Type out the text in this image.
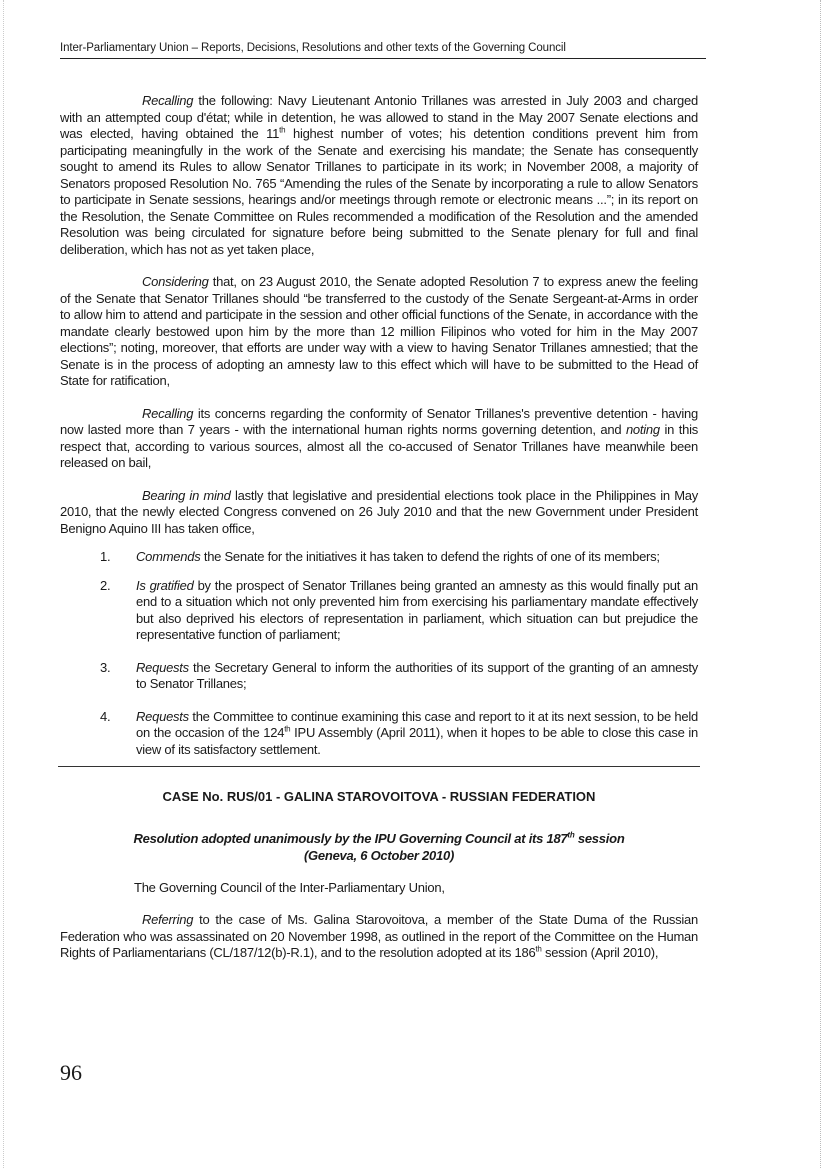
Inter-Parliamentary Union – Reports, Decisions, Resolutions and other texts of the Governing Council

Recalling the following: Navy Lieutenant Antonio Trillanes was arrested in July 2003 and charged with an attempted coup d'état; while in detention, he was allowed to stand in the May 2007 Senate elections and was elected, having obtained the 11th highest number of votes; his detention conditions prevent him from participating meaningfully in the work of the Senate and exercising his mandate; the Senate has consequently sought to amend its Rules to allow Senator Trillanes to participate in its work; in November 2008, a majority of Senators proposed Resolution No. 765 “Amending the rules of the Senate by incorporating a rule to allow Senators to participate in Senate sessions, hearings and/or meetings through remote or electronic means ...”; in its report on the Resolution, the Senate Committee on Rules recommended a modification of the Resolution and the amended Resolution was being circulated for signature before being submitted to the Senate plenary for full and final deliberation, which has not as yet taken place,

Considering that, on 23 August 2010, the Senate adopted Resolution 7 to express anew the feeling of the Senate that Senator Trillanes should “be transferred to the custody of the Senate Sergeant-at-Arms in order to allow him to attend and participate in the session and other official functions of the Senate, in accordance with the mandate clearly bestowed upon him by the more than 12 million Filipinos who voted for him in the May 2007 elections”; noting, moreover, that efforts are under way with a view to having Senator Trillanes amnestied; that the Senate is in the process of adopting an amnesty law to this effect which will have to be submitted to the Head of State for ratification,

Recalling its concerns regarding the conformity of Senator Trillanes's preventive detention - having now lasted more than 7 years - with the international human rights norms governing detention, and noting in this respect that, according to various sources, almost all the co-accused of Senator Trillanes have meanwhile been released on bail,

Bearing in mind lastly that legislative and presidential elections took place in the Philippines in May 2010, that the newly elected Congress convened on 26 July 2010 and that the new Government under President Benigno Aquino III has taken office,

1.	Commends the Senate for the initiatives it has taken to defend the rights of one of its members;

2.	Is gratified by the prospect of Senator Trillanes being granted an amnesty as this would finally put an end to a situation which not only prevented him from exercising his parliamentary mandate effectively but also deprived his electors of representation in parliament, which situation can but prejudice the representative function of parliament;

3.	Requests the Secretary General to inform the authorities of its support of the granting of an amnesty to Senator Trillanes;

4.	Requests the Committee to continue examining this case and report to it at its next session, to be held on the occasion of the 124th IPU Assembly (April 2011), when it hopes to be able to close this case in view of its satisfactory settlement.

CASE No. RUS/01 - GALINA STAROVOITOVA - RUSSIAN FEDERATION

Resolution adopted unanimously by the IPU Governing Council at its 187th session
(Geneva, 6 October 2010)

The Governing Council of the Inter-Parliamentary Union,

Referring to the case of Ms. Galina Starovoitova, a member of the State Duma of the Russian Federation who was assassinated on 20 November 1998, as outlined in the report of the Committee on the Human Rights of Parliamentarians (CL/187/12(b)-R.1), and to the resolution adopted at its 186th session (April 2010),

96
